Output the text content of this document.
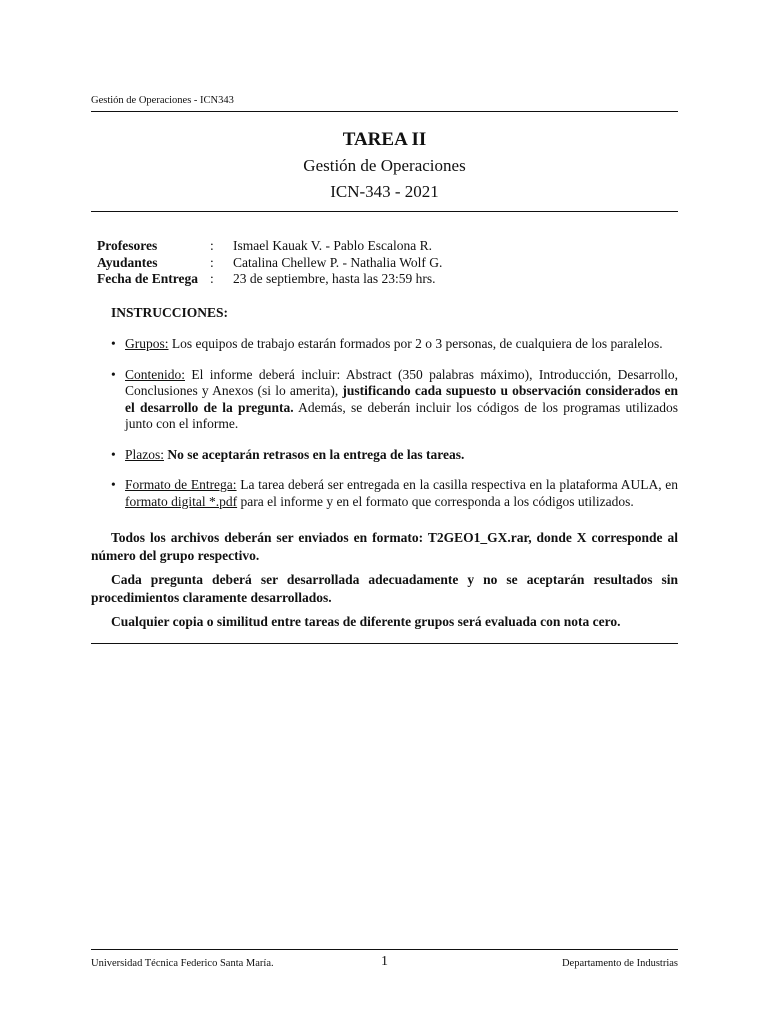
Gestión de Operaciones - ICN343
TAREA II
Gestión de Operaciones
ICN-343 - 2021
Profesores	:	Ismael Kauak V. - Pablo Escalona R.
Ayudantes	:	Catalina Chellew P. - Nathalia Wolf G.
Fecha de Entrega	:	23 de septiembre, hasta las 23:59 hrs.
INSTRUCCIONES:
• Grupos: Los equipos de trabajo estarán formados por 2 o 3 personas, de cualquiera de los paralelos.
• Contenido: El informe deberá incluir: Abstract (350 palabras máximo), Introducción, Desarrollo, Conclusiones y Anexos (si lo amerita), justificando cada supuesto u observación considerados en el desarrollo de la pregunta. Además, se deberán incluir los códigos de los programas utilizados junto con el informe.
• Plazos: No se aceptarán retrasos en la entrega de las tareas.
• Formato de Entrega: La tarea deberá ser entregada en la casilla respectiva en la plataforma AULA, en formato digital *.pdf para el informe y en el formato que corresponda a los códigos utilizados.

Todos los archivos deberán ser enviados en formato: T2GEO1_GX.rar, donde X corresponde al número del grupo respectivo.

Cada pregunta deberá ser desarrollada adecuadamente y no se aceptarán resultados sin procedimientos claramente desarrollados.

Cualquier copia o similitud entre tareas de diferente grupos será evaluada con nota cero.

Universidad Técnica Federico Santa María.	1	Departamento de Industrias
